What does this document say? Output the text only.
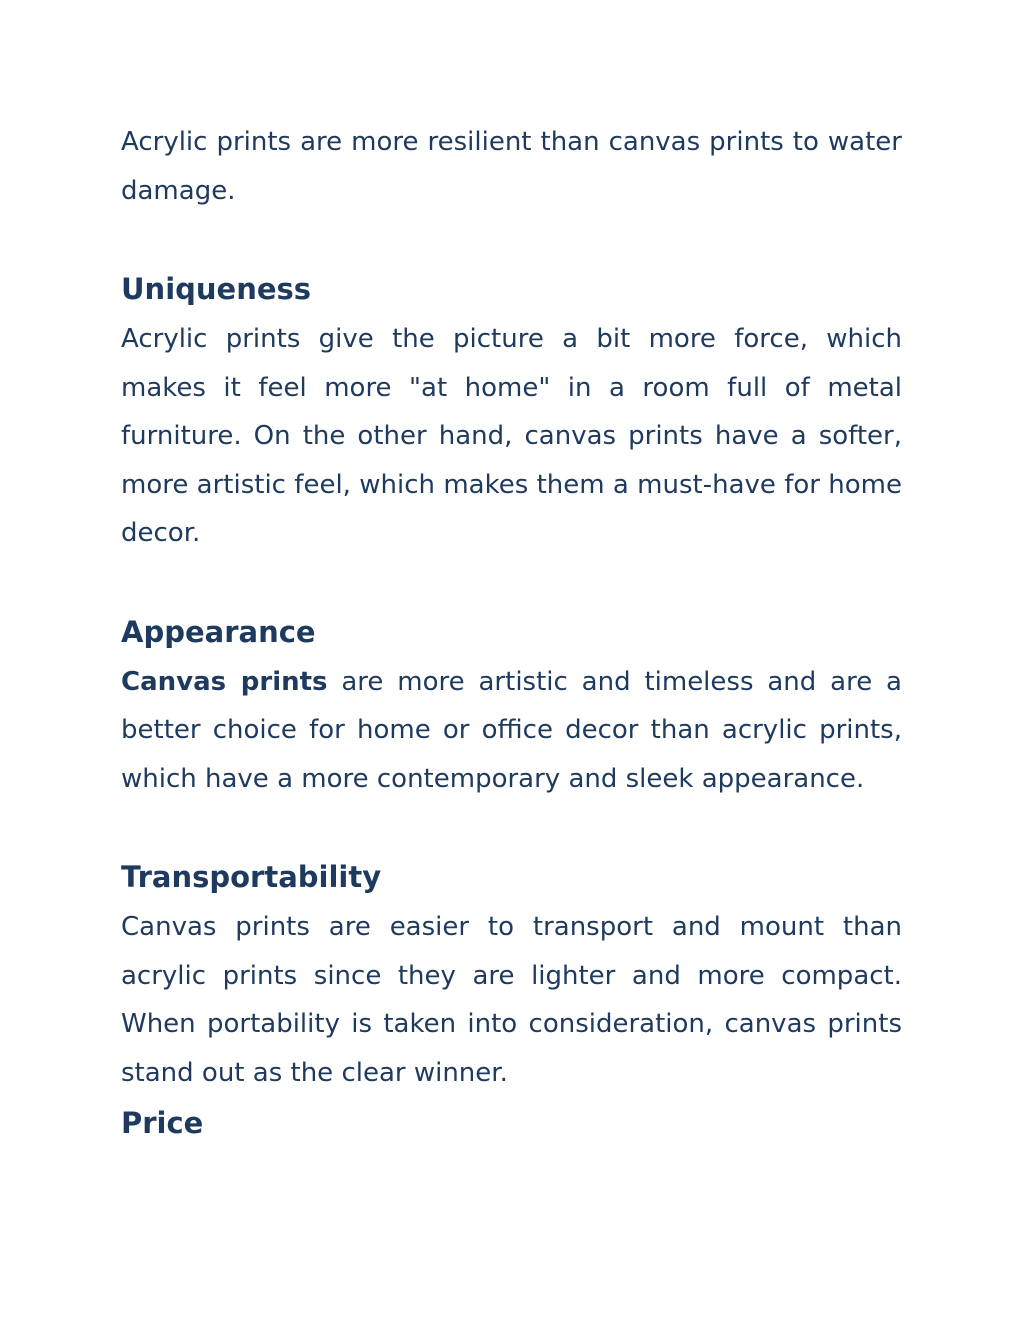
Acrylic prints are more resilient than canvas prints to water damage.

Uniqueness

Acrylic prints give the picture a bit more force, which makes it feel more "at home" in a room full of metal furniture. On the other hand, canvas prints have a softer, more artistic feel, which makes them a must-have for home decor.

Appearance

Canvas prints are more artistic and timeless and are a better choice for home or office decor than acrylic prints, which have a more contemporary and sleek appearance.

Transportability

Canvas prints are easier to transport and mount than acrylic prints since they are lighter and more compact. When portability is taken into consideration, canvas prints stand out as the clear winner.

Price
